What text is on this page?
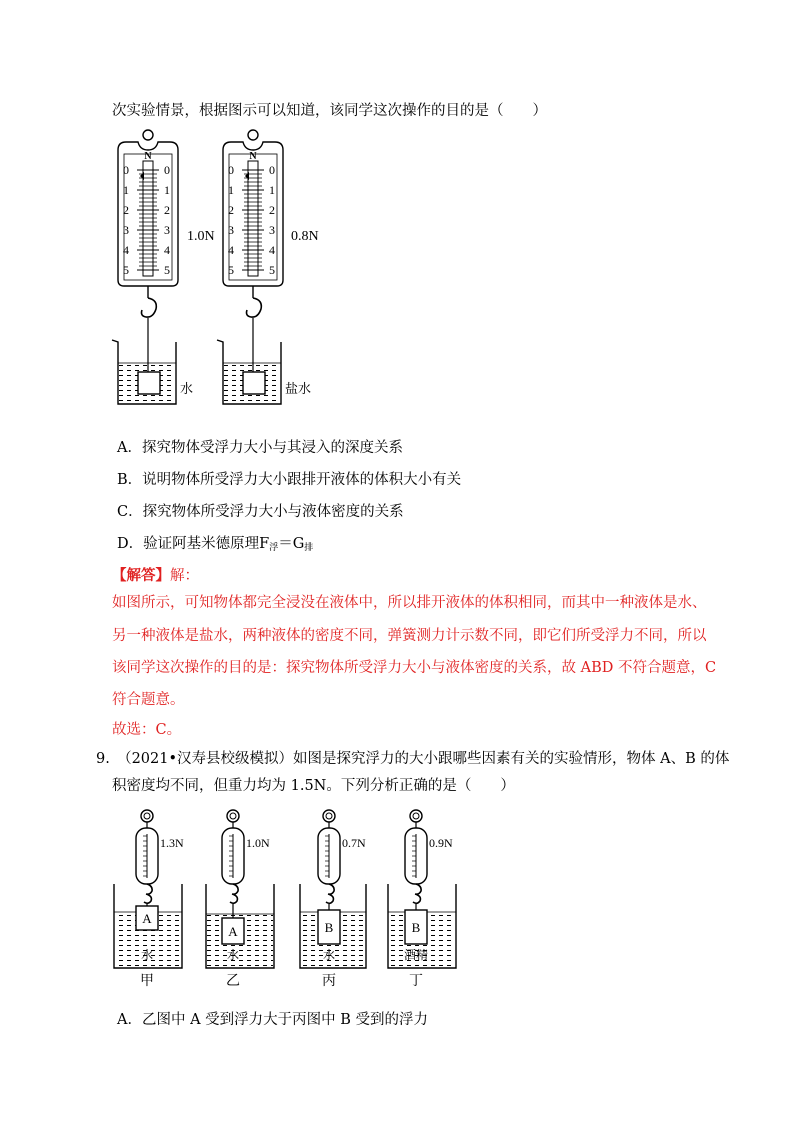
次实验情景，根据图示可以知道，该同学这次操作的目的是（　　）
N
0	0
1	1
2	2
3	3
4	4
5	5
N
0	0
1	1
2	2
3	3
4	4
5	5
1.0N	0.8N
水	盐水
A．探究物体受浮力大小与其浸入的深度关系
B．说明物体所受浮力大小跟排开液体的体积大小有关
C．探究物体所受浮力大小与液体密度的关系
D．验证阿基米德原理$F_浮=G_排$
【解答】解：
如图所示，可知物体都完全浸没在液体中，所以排开液体的体积相同，而其中一种液体是水、
另一种液体是盐水，两种液体的密度不同，弹簧测力计示数不同，即它们所受浮力不同，所以
该同学这次操作的目的是：探究物体所受浮力大小与液体密度的关系，故 ABD 不符合题意，C
符合题意。
故选：C。
9.　（2021•汉寿县校级模拟）如图是探究浮力的大小跟哪些因素有关的实验情形，物体 A、B 的体
积密度均不同，但重力均为 1.5N。下列分析正确的是（　　）
1.3N
A
水
甲
1.0N
A
水
乙
0.7N
B
水
丙
0.9N
B
酒精
丁
A．乙图中 A 受到浮力大于丙图中 B 受到的浮力
